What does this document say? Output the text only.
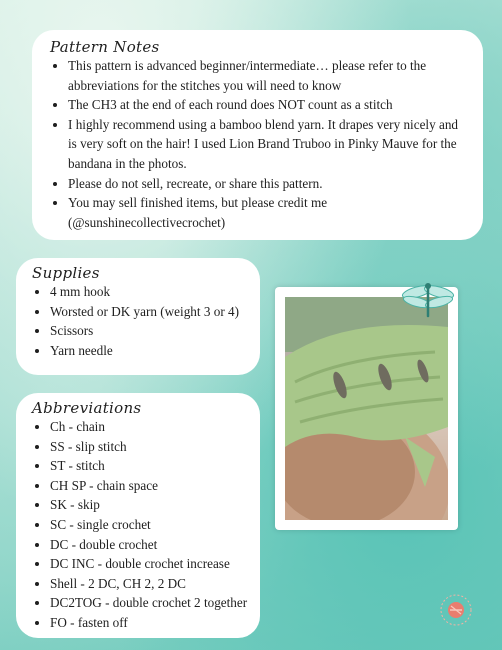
Pattern Notes
• This pattern is advanced beginner/intermediate… please refer to the abbreviations for the stitches you will need to know
• The CH3 at the end of each round does NOT count as a stitch
• I highly recommend using a bamboo blend yarn. It drapes very nicely and is very soft on the hair! I used Lion Brand Truboo in Pinky Mauve for the bandana in the photos.
• Please do not sell, recreate, or share this pattern.
• You may sell finished items, but please credit me (@sunshinecollectivecrochet)
Supplies
• 4 mm hook
• Worsted or DK yarn (weight 3 or 4)
• Scissors
• Yarn needle
Abbreviations
• Ch - chain
• SS - slip stitch
• ST - stitch
• CH SP - chain space
• SK - skip
• SC - single crochet
• DC - double crochet
• DC INC - double crochet increase
• Shell - 2 DC, CH 2, 2 DC
• DC2TOG - double crochet 2 together
• FO - fasten off
